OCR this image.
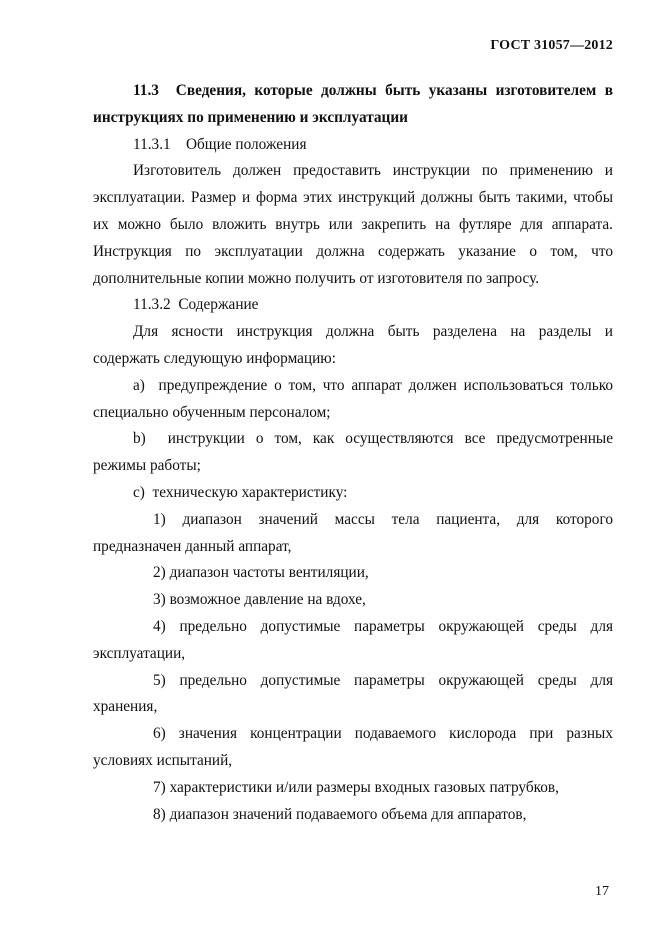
ГОСТ 31057—2012

11.3 Сведения, которые должны быть указаны изготовителем в

инструкциях по применению и эксплуатации

11.3.1    Общие положения

Изготовитель должен предоставить инструкции по применению и

эксплуатации. Размер и форма этих инструкций должны быть такими, чтобы

их можно было вложить внутрь или закрепить на футляре для аппарата.

Инструкция по эксплуатации должна содержать указание о том, что

дополнительные копии можно получить от изготовителя по запросу.

11.3.2  Содержание

Для ясности инструкция должна быть разделена на разделы и

содержать следующую информацию:

а) предупреждение о том, что аппарат должен использоваться только

специально обученным персоналом;

b) инструкции о том, как осуществляются все предусмотренные

режимы работы;

с) техническую характеристику:

1) диапазон значений массы тела пациента, для которого

предназначен данный аппарат,

2) диапазон частоты вентиляции,

3) возможное давление на вдохе,

4) предельно допустимые параметры окружающей среды для

эксплуатации,

5) предельно допустимые параметры окружающей среды для

хранения,

6) значения концентрации подаваемого кислорода при разных

условиях испытаний,

7) характеристики и/или размеры входных газовых патрубков,

8) диапазон значений подаваемого объема для аппаратов,

17
